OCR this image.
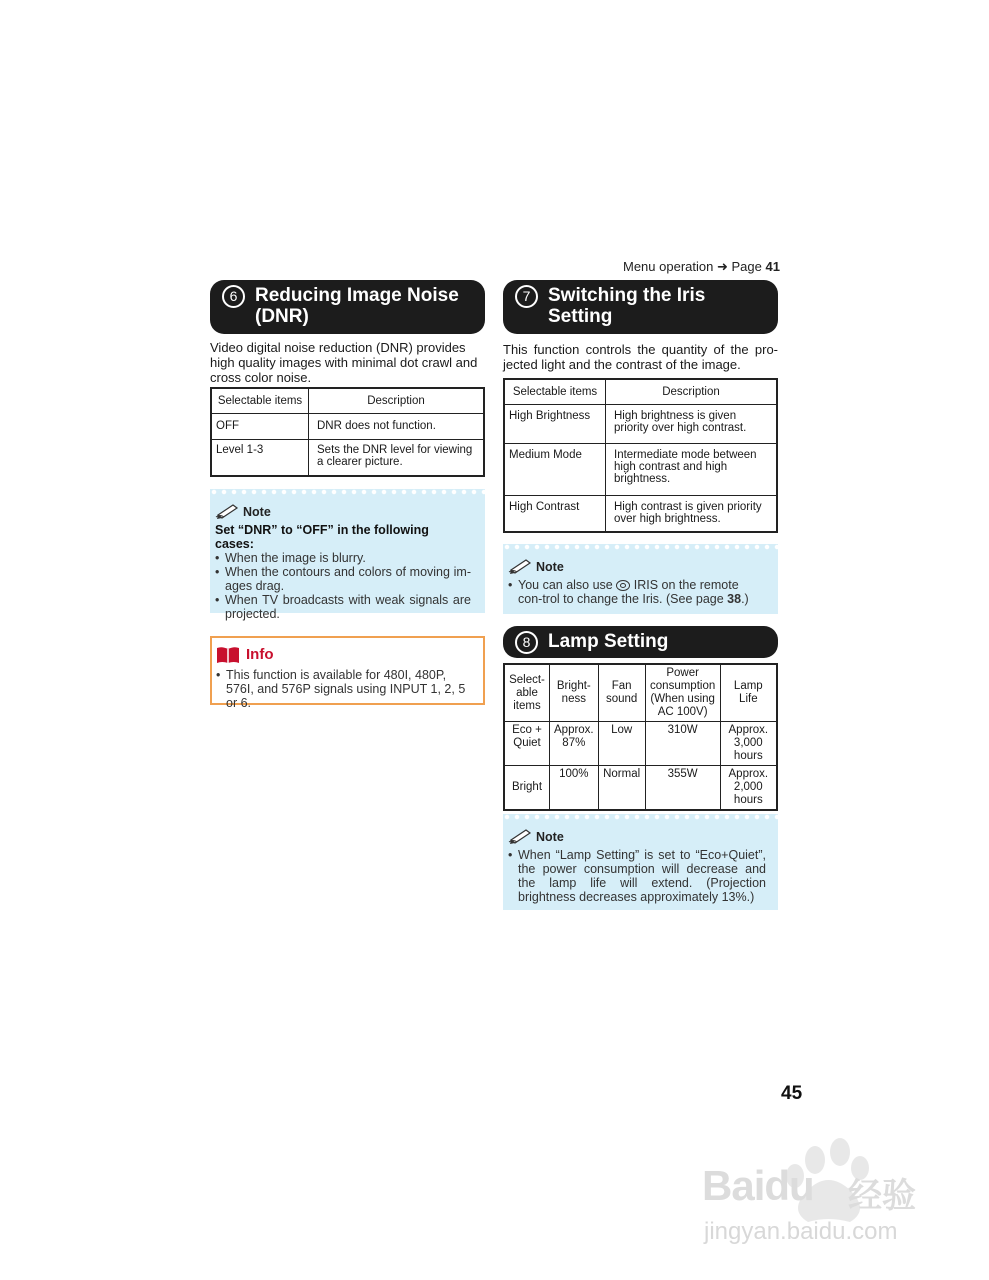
Menu operation ➜ Page 41
6 Reducing Image Noise
(DNR)
Video digital noise reduction (DNR) provides high quality images with minimal dot crawl and cross color noise.
Selectable items	Description
OFF	DNR does not function.
Level 1-3	Sets the DNR level for viewing a clearer picture.
Note
Set “DNR” to “OFF” in the following cases:
• When the image is blurry.
• When the contours and colors of moving im-ages drag.
• When TV broadcasts with weak signals are projected.
Info
• This function is available for 480I, 480P, 576I, and 576P signals using INPUT 1, 2, 5 or 6.
7 Switching the Iris
Setting
This function controls the quantity of the pro-jected light and the contrast of the image.
Selectable items	Description
High Brightness	High brightness is given priority over high contrast.
Medium Mode	Intermediate mode between high contrast and high brightness.
High Contrast	High contrast is given priority over high brightness.
Note
• You can also use IRIS on the remote con-trol to change the Iris. (See page 38.)
8 Lamp Setting
Select-able items	Bright-ness	Fan sound	Power consumption (When using AC 100V)	Lamp Life
Eco + Quiet	Approx. 87%	Low	310W	Approx. 3,000 hours
Bright	100%	Normal	355W	Approx. 2,000 hours
Note
• When “Lamp Setting” is set to “Eco+Quiet”, the power consumption will decrease and the lamp life will extend. (Projection brightness decreases approximately 13%.)
45
Baidu 经验
jingyan.baidu.com
